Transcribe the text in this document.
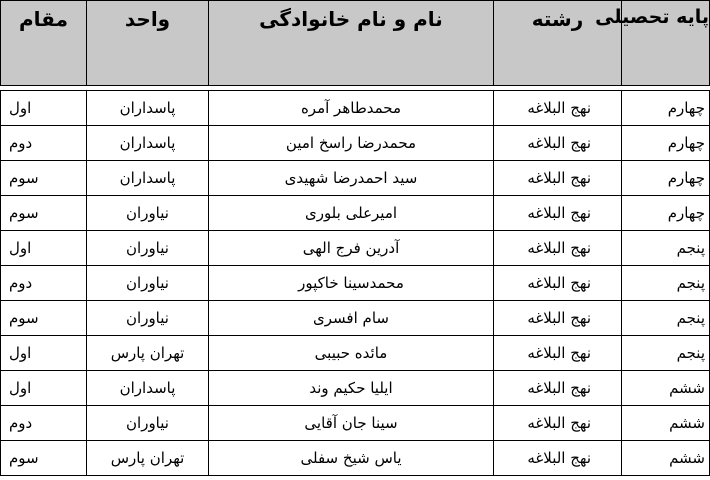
پایه تحصیلی	رشته	نام و نام خانوادگی	واحد	مقام

چهارم	نهج البلاغه	محمدطاهر آمره	پاسداران	اول
چهارم	نهج البلاغه	محمدرضا راسخ امین	پاسداران	دوم
چهارم	نهج البلاغه	سید احمدرضا شهیدی	پاسداران	سوم
چهارم	نهج البلاغه	امیرعلی بلوری	نیاوران	سوم
پنجم	نهج البلاغه	آدرین فرج الهی	نیاوران	اول
پنجم	نهج البلاغه	محمدسینا خاکپور	نیاوران	دوم
پنجم	نهج البلاغه	سام افسری	نیاوران	سوم
پنجم	نهج البلاغه	مائده حبیبی	تهران پارس	اول
ششم	نهج البلاغه	ایلیا حکیم وند	پاسداران	اول
ششم	نهج البلاغه	سینا جان آقایی	نیاوران	دوم
ششم	نهج البلاغه	یاس شیخ سفلی	تهران پارس	سوم
